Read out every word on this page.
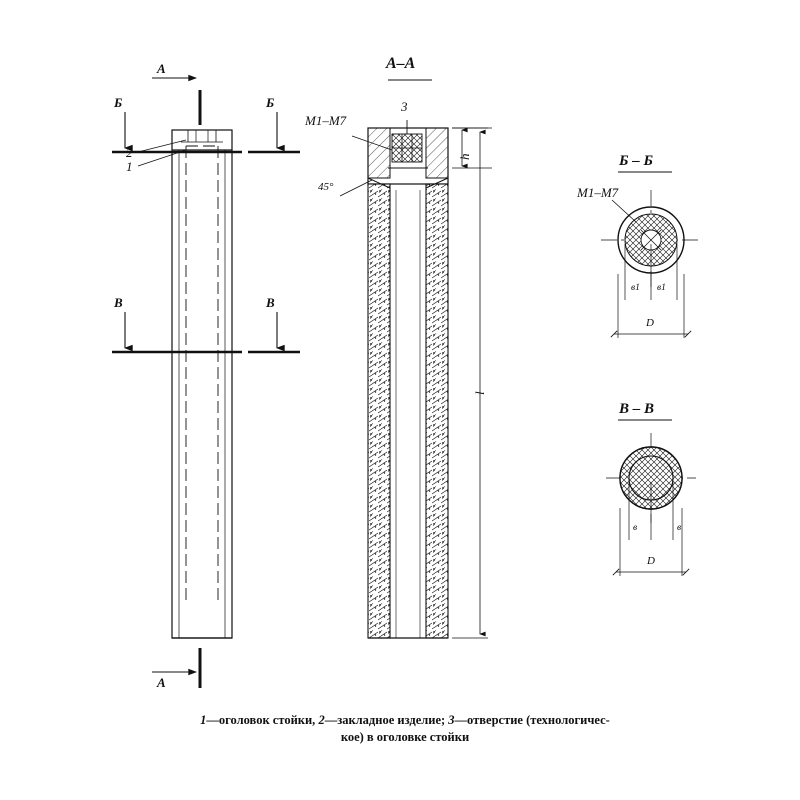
А
А
Б	Б
В	В
2
1
А–А
3
М1–М7
45°
h
l
Б – Б
М1–М7
в1 в1
D
В – В
в	в
D
1—оголовок стойки, 2—закладное изделие; 3—отверстие (технологичес-
кое) в оголовке стойки
